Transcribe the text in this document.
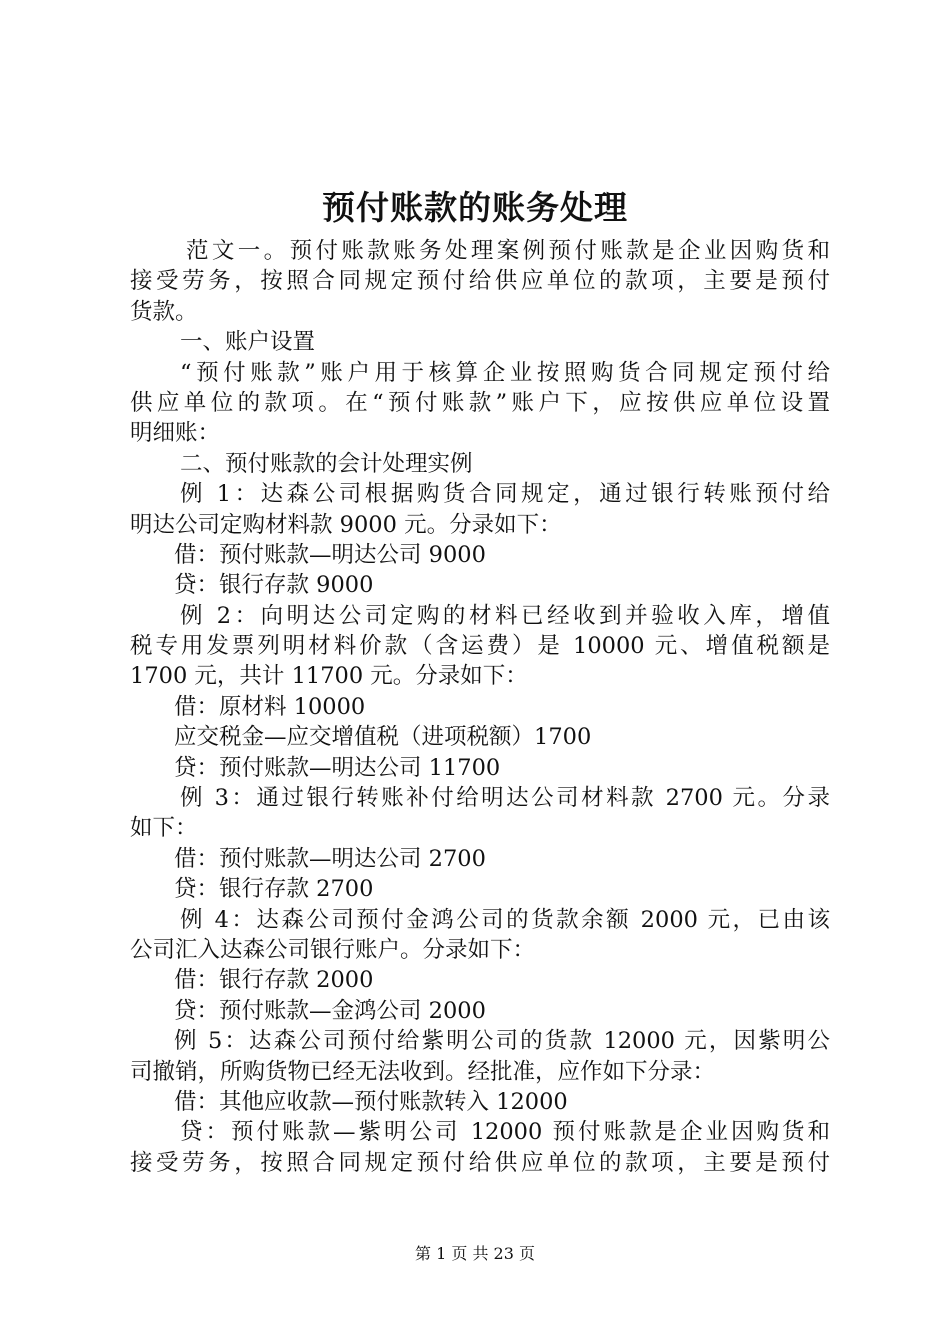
预付账款的账务处理
范文一。预付账款账务处理案例预付账款是企业因购货和
接受劳务，按照合同规定预付给供应单位的款项，主要是预付
货款。
一、账户设置
“预付账款”账户用于核算企业按照购货合同规定预付给
供应单位的款项。在“预付账款”账户下，应按供应单位设置
明细账：
二、预付账款的会计处理实例
例 1：达森公司根据购货合同规定，通过银行转账预付给
明达公司定购材料款 9000 元。分录如下：
借：预付账款—明达公司 9000
贷：银行存款 9000
例 2：向明达公司定购的材料已经收到并验收入库，增值
税专用发票列明材料价款（含运费）是 10000 元、增值税额是
1700 元，共计 11700 元。分录如下：
借：原材料 10000
应交税金—应交增值税（进项税额）1700
贷：预付账款—明达公司 11700
例 3：通过银行转账补付给明达公司材料款 2700 元。分录
如下：
借：预付账款—明达公司 2700
贷：银行存款 2700
例 4：达森公司预付金鸿公司的货款余额 2000 元，已由该
公司汇入达森公司银行账户。分录如下：
借：银行存款 2000
贷：预付账款—金鸿公司 2000
例 5：达森公司预付给紫明公司的货款 12000 元，因紫明公
司撤销，所购货物已经无法收到。经批准，应作如下分录：
借：其他应收款—预付账款转入 12000
贷：预付账款—紫明公司 12000 预付账款是企业因购货和
接受劳务，按照合同规定预付给供应单位的款项，主要是预付
第 1 页 共 23 页
